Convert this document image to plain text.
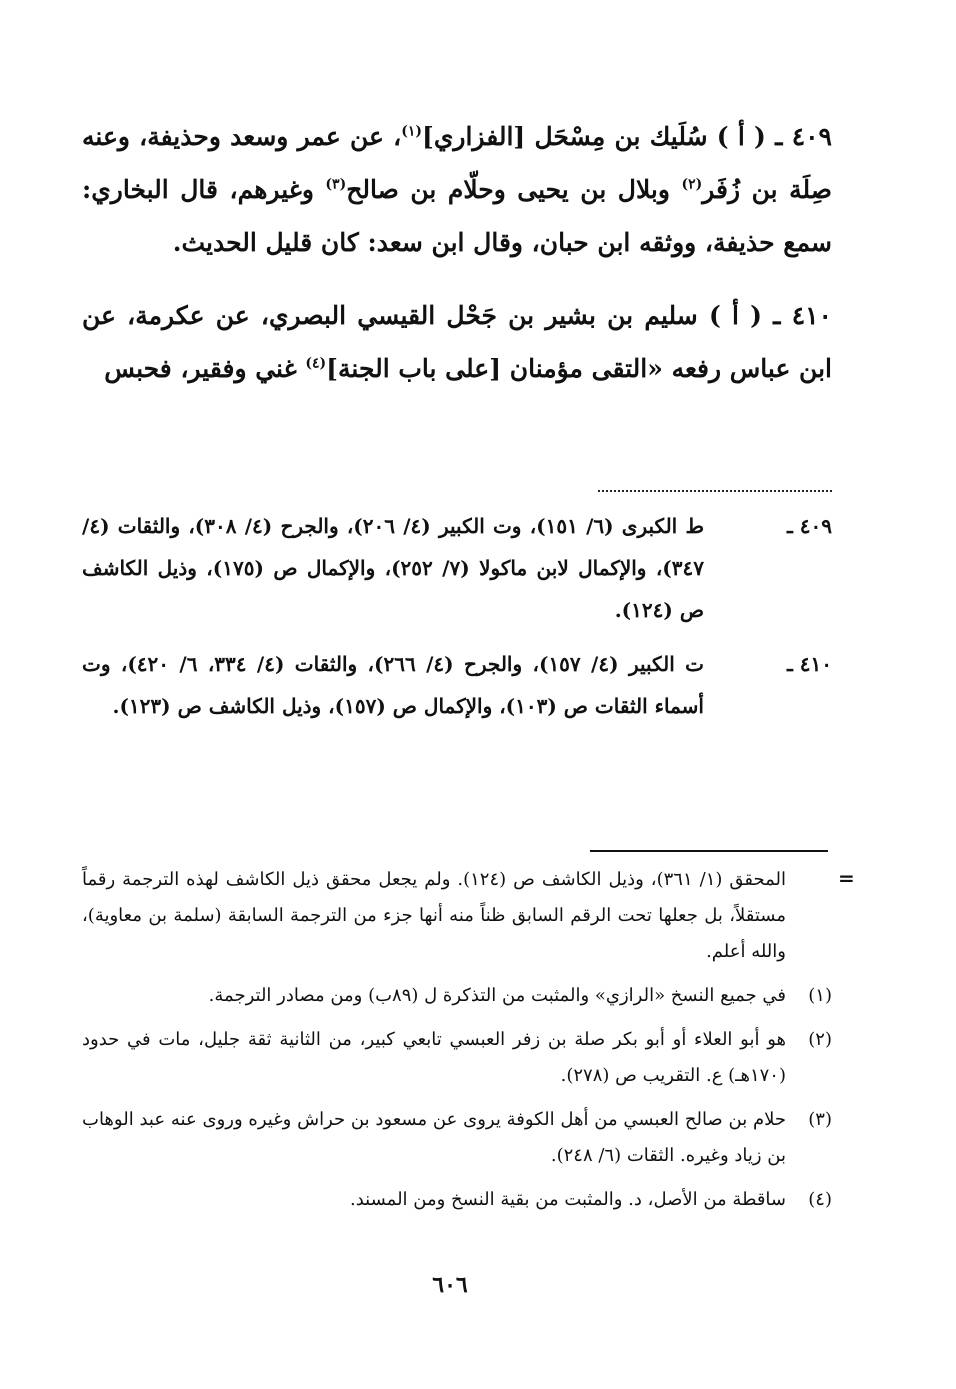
٤٠٩ ـ ( أ ) سُلَيك بن مِسْحَل [الفزاري]$^{(١)}$، عن عمر وسعد وحذيفة، وعنه صِلَة بن زُفَر$^{(٢)}$ وبلال بن يحيى وحلّام بن صالح$^{(٣)}$ وغيرهم، قال البخاري: سمع حذيفة، ووثقه ابن حبان، وقال ابن سعد: كان قليل الحديث.

٤١٠ ـ ( أ ) سليم بن بشير بن جَحْل القيسي البصري، عن عكرمة، عن ابن عباس رفعه «التقى مؤمنان [على باب الجنة]$^{(٤)}$ غني وفقير، فحبس

٤٠٩ ـ
ط الكبرى (٦/ ١٥١)، وت الكبير (٤/ ٢٠٦)، والجرح (٤/ ٣٠٨)، والثقات (٤/ ٣٤٧)، والإكمال لابن ماكولا (٧/ ٢٥٢)، والإكمال ص (١٧٥)، وذيل الكاشف ص (١٢٤).
٤١٠ ـ
ت الكبير (٤/ ١٥٧)، والجرح (٤/ ٢٦٦)، والثقات (٤/ ٣٣٤، ٦/ ٤٢٠)، وت أسماء الثقات ص (١٠٣)، والإكمال ص (١٥٧)، وذيل الكاشف ص (١٢٣).
=
المحقق (١/ ٣٦١)، وذيل الكاشف ص (١٢٤). ولم يجعل محقق ذيل الكاشف لهذه الترجمة رقماً مستقلاً، بل جعلها تحت الرقم السابق ظناً منه أنها جزء من الترجمة السابقة (سلمة بن معاوية)، والله أعلم.
(١)
في جميع النسخ «الرازي» والمثبت من التذكرة ل (٨٩ب) ومن مصادر الترجمة.
(٢)
هو أبو العلاء أو أبو بكر صلة بن زفر العبسي تابعي كبير، من الثانية ثقة جليل، مات في حدود (١٧٠هـ) ع. التقريب ص (٢٧٨).
(٣)
حلام بن صالح العبسي من أهل الكوفة يروى عن مسعود بن حراش وغيره وروى عنه عبد الوهاب بن زياد وغيره. الثقات (٦/ ٢٤٨).
(٤)
ساقطة من الأصل، د. والمثبت من بقية النسخ ومن المسند.
٦٠٦
